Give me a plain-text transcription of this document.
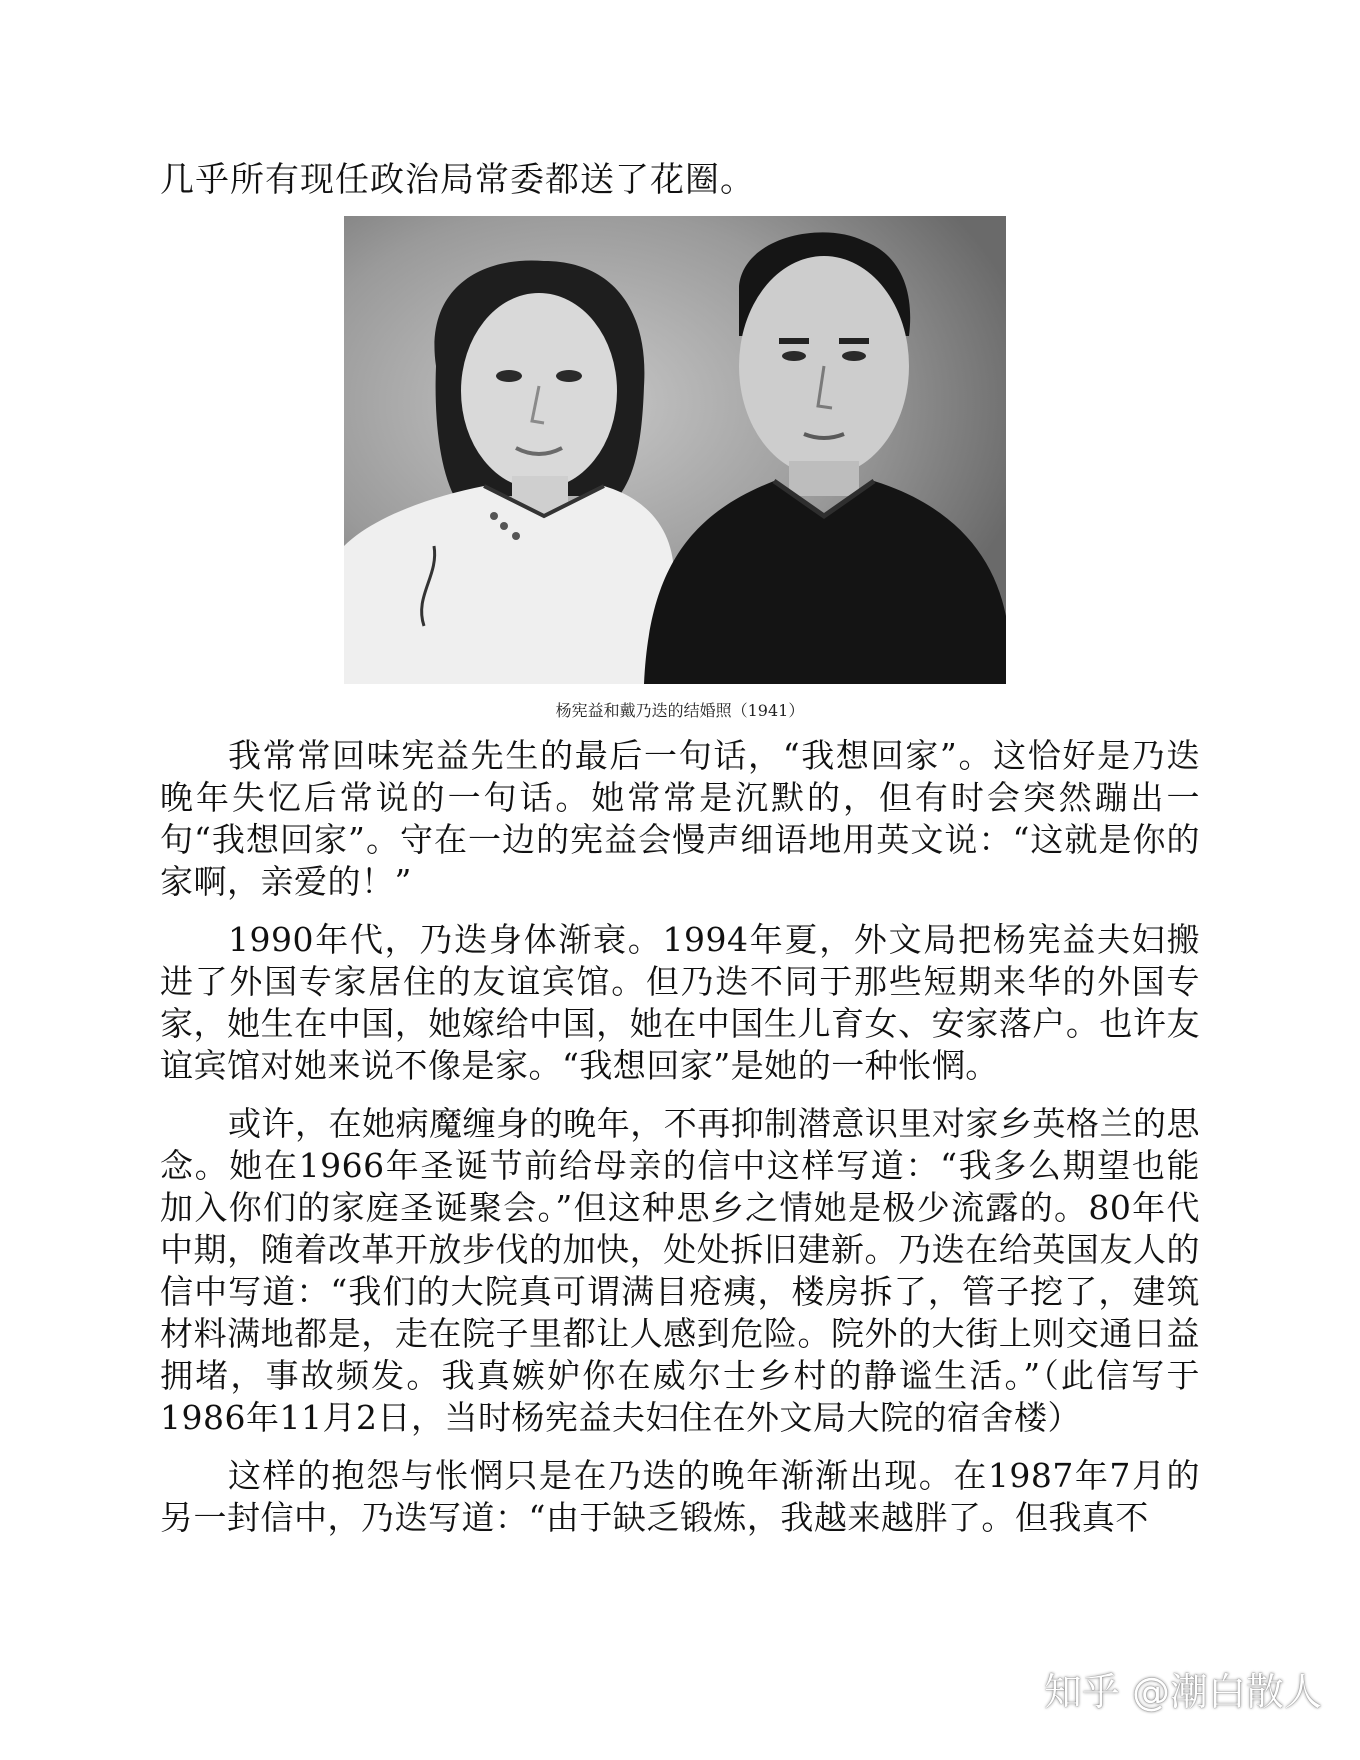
几乎所有现任政治局常委都送了花圈。
杨宪益和戴乃迭的结婚照（1941）

我常常回味宪益先生的最后一句话，“我想回家”。这恰好是乃迭晚年失忆后常说的一句话。她常常是沉默的，但有时会突然蹦出一句“我想回家”。守在一边的宪益会慢声细语地用英文说：“这就是你的家啊，亲爱的！”

1990年代，乃迭身体渐衰。1994年夏，外文局把杨宪益夫妇搬进了外国专家居住的友谊宾馆。但乃迭不同于那些短期来华的外国专家，她生在中国，她嫁给中国，她在中国生儿育女、安家落户。也许友谊宾馆对她来说不像是家。“我想回家”是她的一种怅惘。

或许，在她病魔缠身的晚年，不再抑制潜意识里对家乡英格兰的思念。她在1966年圣诞节前给母亲的信中这样写道：“我多么期望也能加入你们的家庭圣诞聚会。”但这种思乡之情她是极少流露的。80年代中期，随着改革开放步伐的加快，处处拆旧建新。乃迭在给英国友人的信中写道：“我们的大院真可谓满目疮痍，楼房拆了，管子挖了，建筑材料满地都是，走在院子里都让人感到危险。院外的大街上则交通日益拥堵，事故频发。我真嫉妒你在威尔士乡村的静谧生活。”（此信写于1986年11月2日，当时杨宪益夫妇住在外文局大院的宿舍楼）

这样的抱怨与怅惘只是在乃迭的晚年渐渐出现。在1987年7月的另一封信中，乃迭写道：“由于缺乏锻炼，我越来越胖了。但我真不

知乎 @潮白散人
